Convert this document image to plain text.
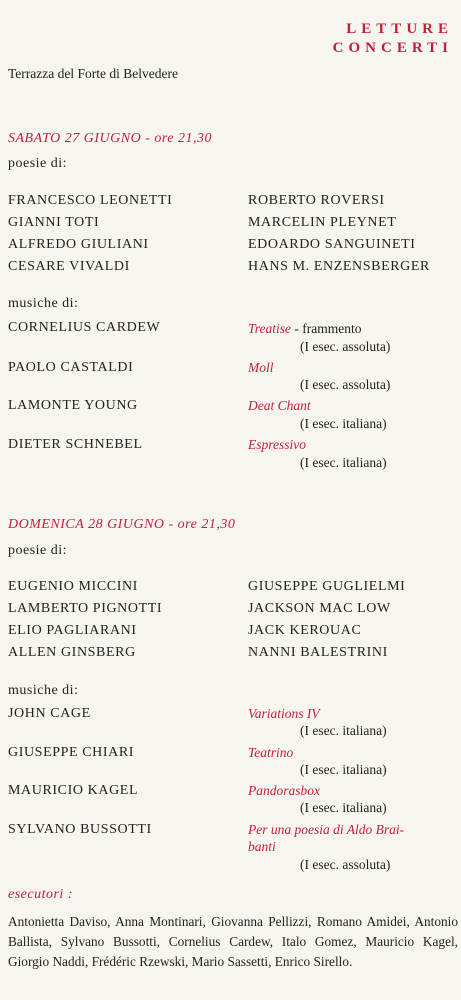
LETTURE
CONCERTI
Terrazza del Forte di Belvedere
SABATO 27 GIUGNO - ore 21,30
poesie di:
FRANCESCO LEONETTI	ROBERTO ROVERSI
GIANNI TOTI	MARCELIN PLEYNET
ALFREDO GIULIANI	EDOARDO SANGUINETI
CESARE VIVALDI	HANS M. ENZENSBERGER
musiche di:
CORNELIUS CARDEW	Treatise - frammento
(I esec. assoluta)
PAOLO CASTALDI	Moll
(I esec. assoluta)
LAMONTE YOUNG	Deat Chant
(I esec. italiana)
DIETER SCHNEBEL	Espressivo
(I esec. italiana)
DOMENICA 28 GIUGNO - ore 21,30
poesie di:
EUGENIO MICCINI	GIUSEPPE GUGLIELMI
LAMBERTO PIGNOTTI	JACKSON MAC LOW
ELIO PAGLIARANI	JACK KEROUAC
ALLEN GINSBERG	NANNI BALESTRINI
musiche di:
JOHN CAGE	Variations IV
(I esec. italiana)
GIUSEPPE CHIARI	Teatrino
(I esec. italiana)
MAURICIO KAGEL	Pandorasbox
(I esec. italiana)
SYLVANO BUSSOTTI	Per una poesia di Aldo Brai-
banti
(I esec. assoluta)
esecutori :
Antonietta Daviso, Anna Montinari, Giovanna Pellizzi, Romano Amidei, Antonio Ballista, Sylvano Bussotti, Cornelius Cardew, Italo Gomez, Mauricio Kagel, Giorgio Naddi, Frédéric Rzewski, Mario Sassetti, Enrico Sirello.
